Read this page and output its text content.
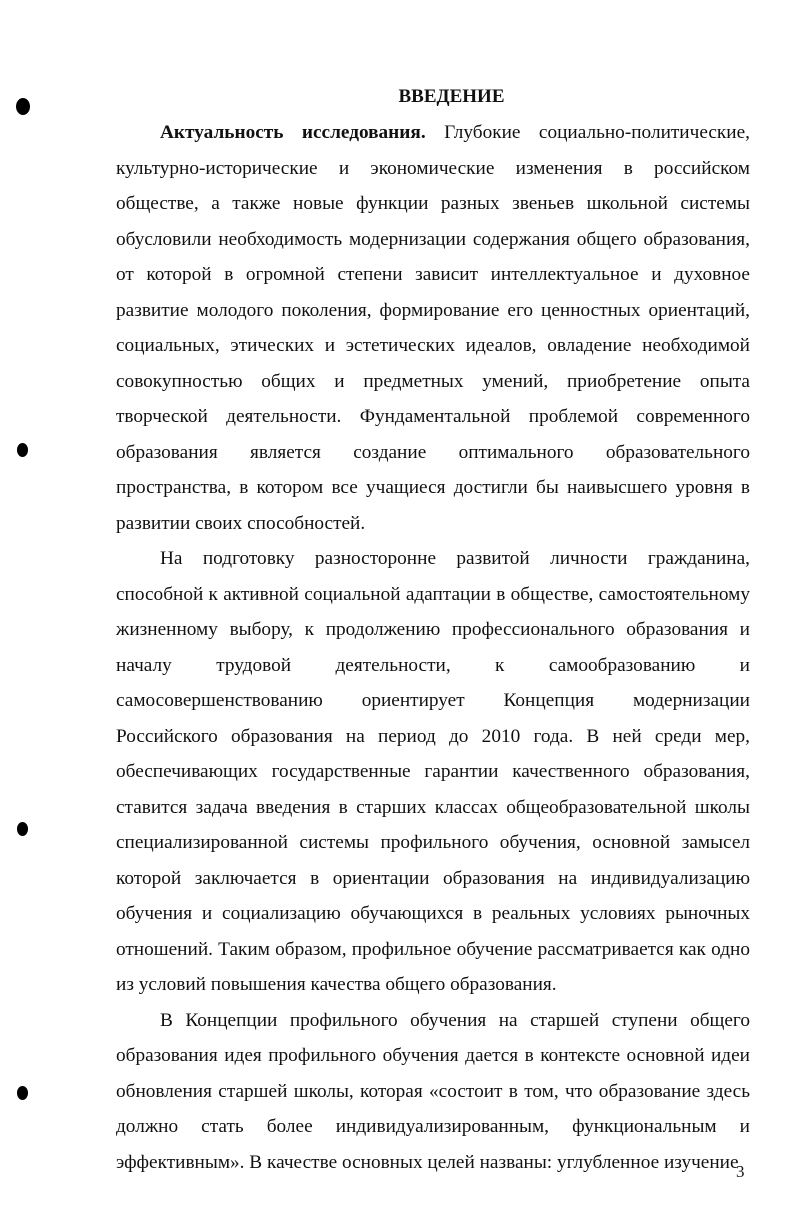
ВВЕДЕНИЕ

Актуальность исследования. Глубокие социально-политические, культурно-исторические и экономические изменения в российском обществе, а также новые функции разных звеньев школьной системы обусловили необходимость модернизации содержания общего образования, от которой в огромной степени зависит интеллектуальное и духовное развитие молодого поколения, формирование его ценностных ориентаций, социальных, этических и эстетических идеалов, овладение необходимой совокупностью общих и предметных умений, приобретение опыта творческой деятельности. Фундаментальной проблемой современного образования является создание оптимального образовательного пространства, в котором все учащиеся достигли бы наивысшего уровня в развитии своих способностей.

На подготовку разносторонне развитой личности гражданина, способной к активной социальной адаптации в обществе, самостоятельному жизненному выбору, к продолжению профессионального образования и началу трудовой деятельности, к самообразованию и самосовершенствованию ориентирует Концепция модернизации Российского образования на период до 2010 года. В ней среди мер, обеспечивающих государственные гарантии качественного образования, ставится задача введения в старших классах общеобразовательной школы специализированной системы профильного обучения, основной замысел которой заключается в ориентации образования на индивидуализацию обучения и социализацию обучающихся в реальных условиях рыночных отношений. Таким образом, профильное обучение рассматривается как одно из условий повышения качества общего образования.

В Концепции профильного обучения на старшей ступени общего образования идея профильного обучения дается в контексте основной идеи обновления старшей школы, которая «состоит в том, что образование здесь должно стать более индивидуализированным, функциональным и эффективным». В качестве основных целей названы: углубленное изучение

3
